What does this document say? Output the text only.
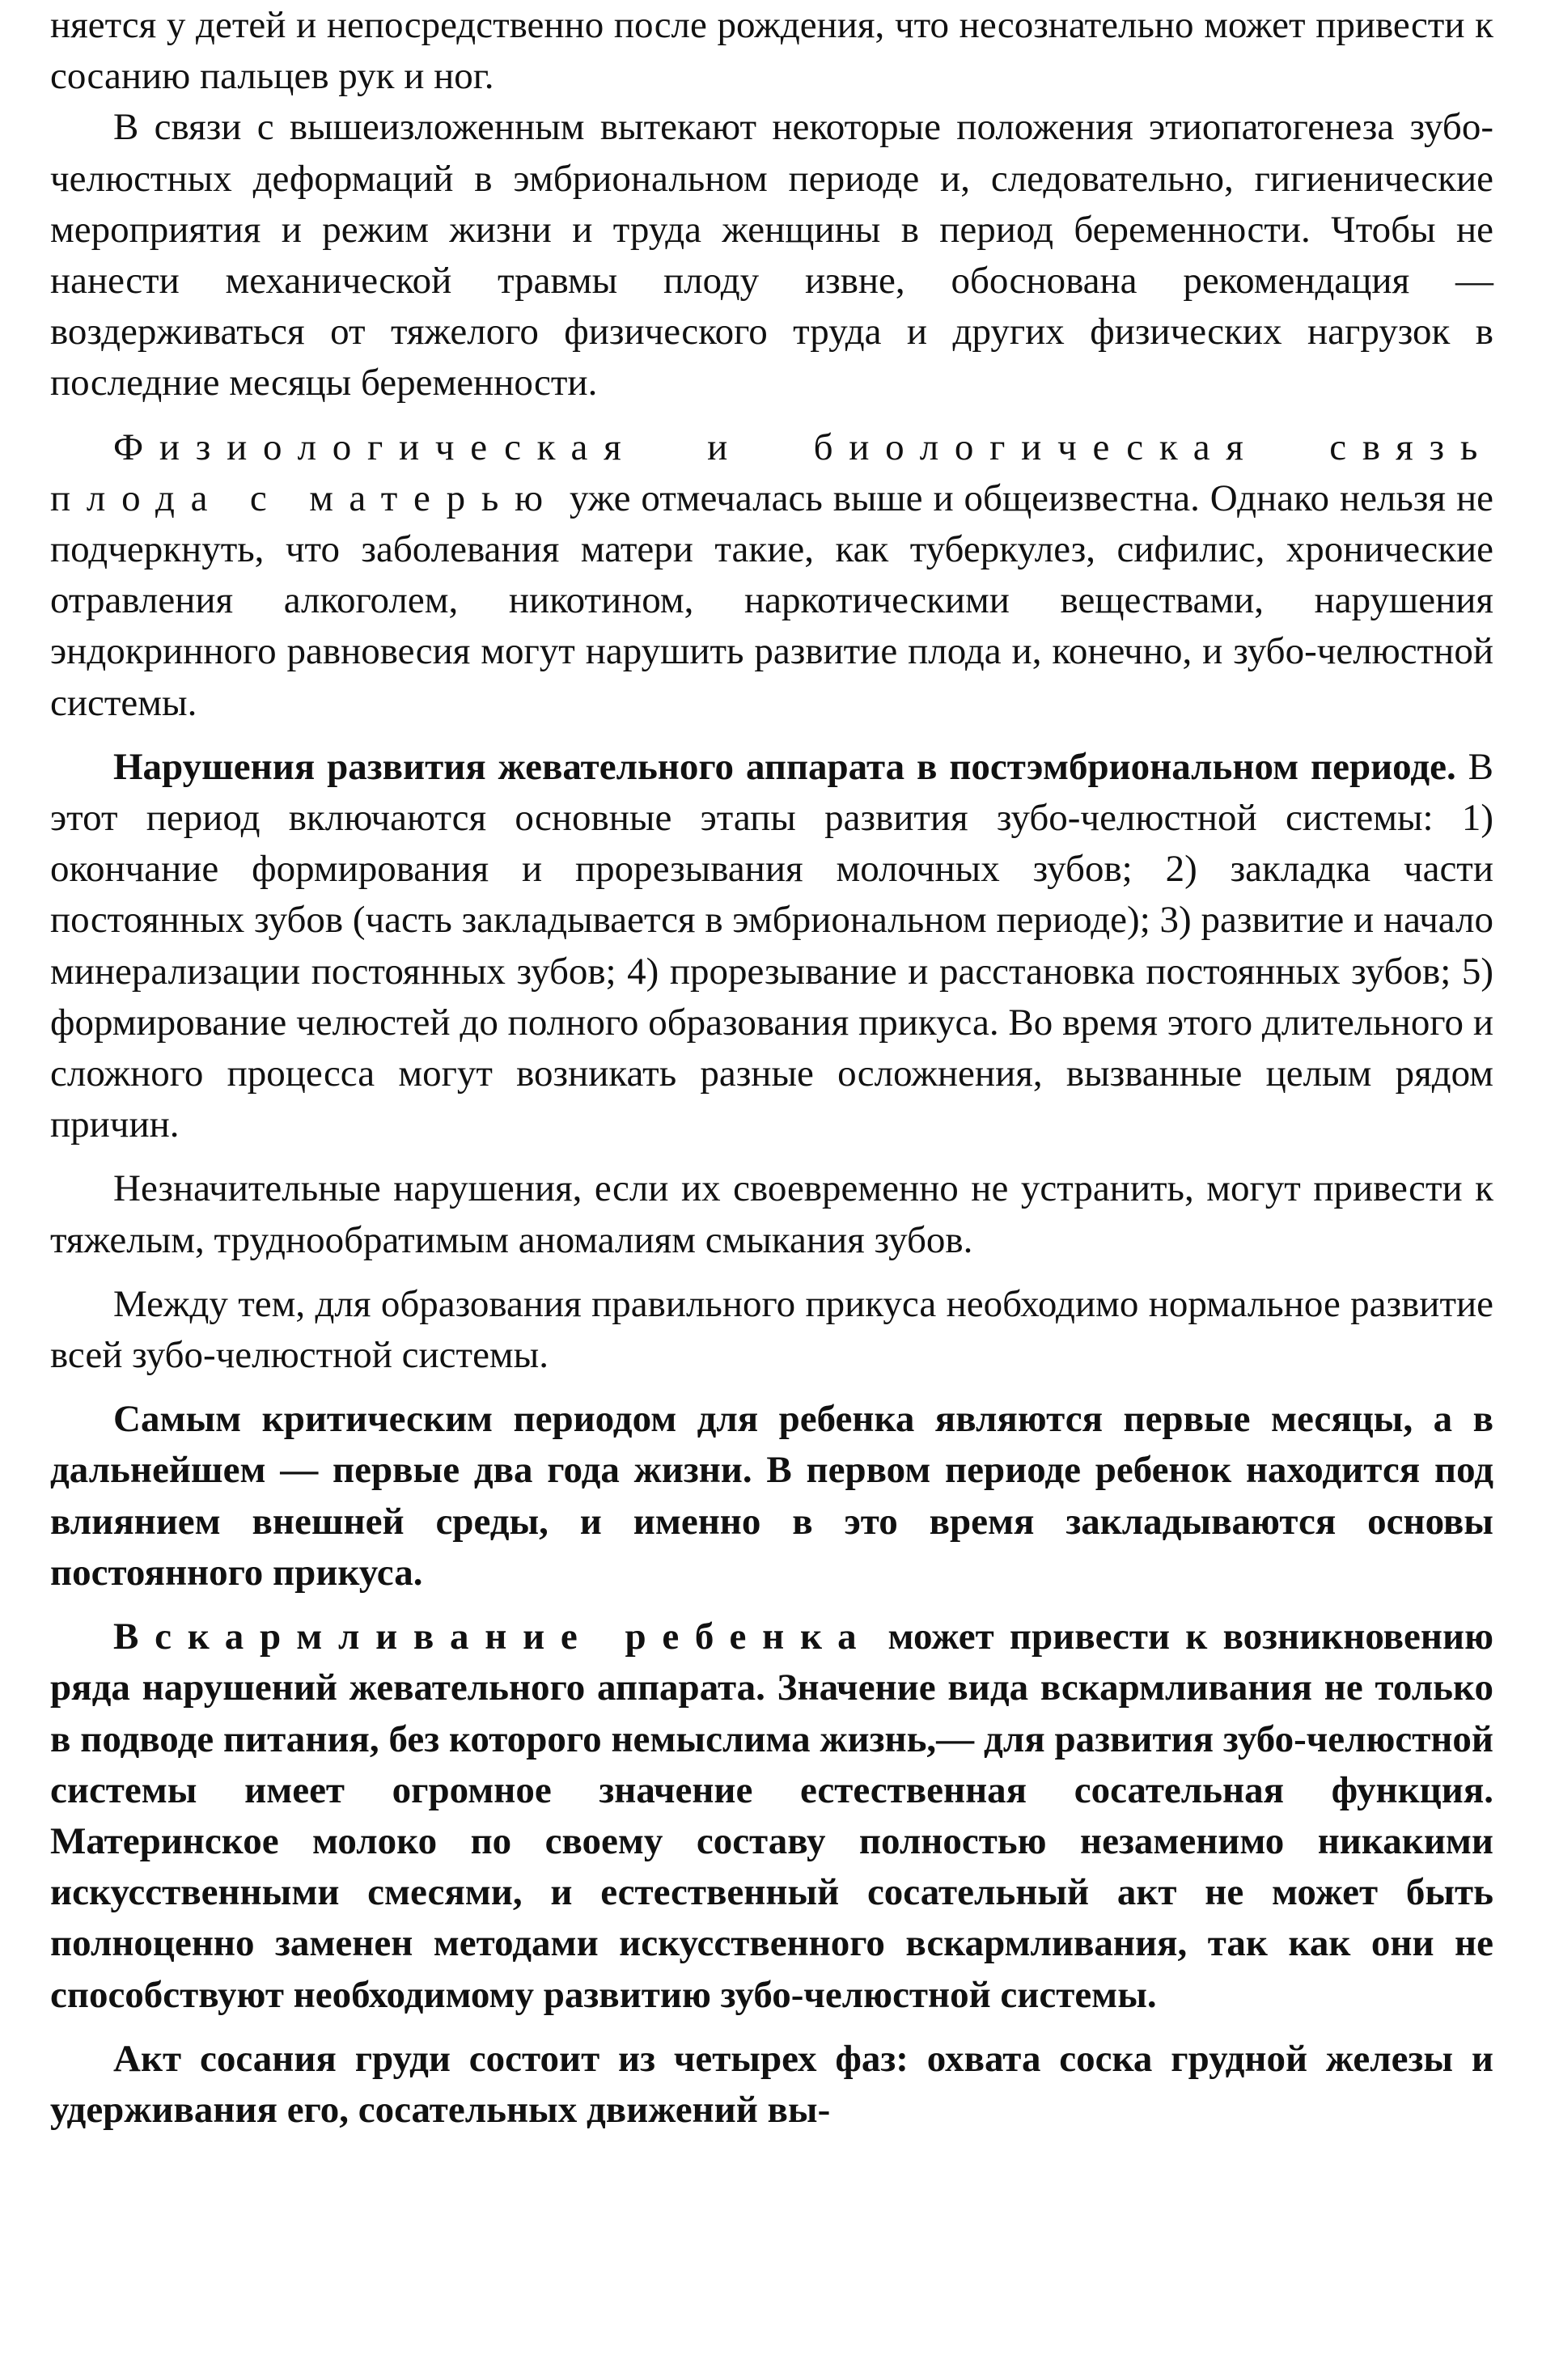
няется у детей и непосредственно после рождения, что несознательно может привести к сосанию пальцев рук и ног.

В связи с вышеизложенным вытекают некоторые положения этиопатогенеза зубо-челюстных деформаций в эмбриональном периоде и, следовательно, гигиенические мероприятия и режим жизни и труда женщины в период беременности. Чтобы не нанести механической травмы плоду извне, обоснована рекомендация — воздерживаться от тяжелого физического труда и других физических нагрузок в последние месяцы беременности.

Физиологическая и биологическая связь плода с матерью уже отмечалась выше и общеизвестна. Однако нельзя не подчеркнуть, что заболевания матери такие, как туберкулез, сифилис, хронические отравления алкоголем, никотином, наркотическими веществами, нарушения эндокринного равновесия могут нарушить развитие плода и, конечно, и зубо-челюстной системы.

Нарушения развития жевательного аппарата в постэмбриональном периоде. В этот период включаются основные этапы развития зубо-челюстной системы: 1) окончание формирования и прорезывания молочных зубов; 2) закладка части постоянных зубов (часть закладывается в эмбриональном периоде); 3) развитие и начало минерализации постоянных зубов; 4) прорезывание и расстановка постоянных зубов; 5) формирование челюстей до полного образования прикуса. Во время этого длительного и сложного процесса могут возникать разные осложнения, вызванные целым рядом причин.

Незначительные нарушения, если их своевременно не устранить, могут привести к тяжелым, труднообратимым аномалиям смыкания зубов.

Между тем, для образования правильного прикуса необходимо нормальное развитие всей зубо-челюстной системы.

Самым критическим периодом для ребенка являются первые месяцы, а в дальнейшем — первые два года жизни. В первом периоде ребенок находится под влиянием внешней среды, и именно в это время закладываются основы постоянного прикуса.

Вскармливание ребенка может привести к возникновению ряда нарушений жевательного аппарата. Значение вида вскармливания не только в подводе питания, без которого немыслима жизнь,— для развития зубо-челюстной системы имеет огромное значение естественная сосательная функция. Материнское молоко по своему составу полностью незаменимо никакими искусственными смесями, и естественный сосательный акт не может быть полноценно заменен методами искусственного вскармливания, так как они не способствуют необходимому развитию зубо-челюстной системы.

Акт сосания груди состоит из четырех фаз: охвата соска грудной железы и удерживания его, сосательных движений вы-
